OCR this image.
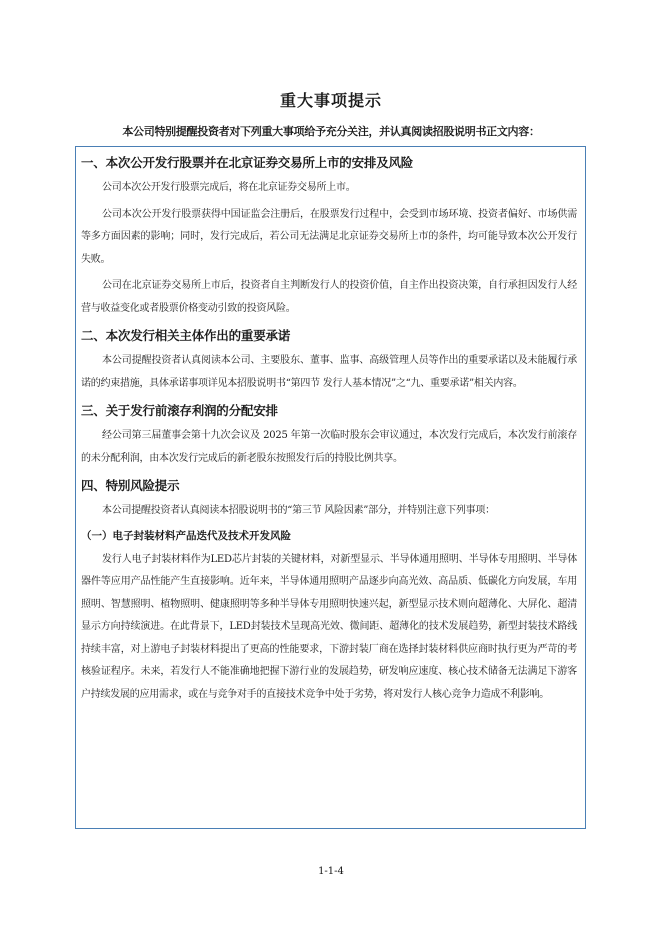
重大事项提示
本公司特别提醒投资者对下列重大事项给予充分关注，并认真阅读招股说明书正文内容：
一、本次公开发行股票并在北京证券交易所上市的安排及风险

公司本次公开发行股票完成后，将在北京证券交易所上市。

公司本次公开发行股票获得中国证监会注册后，在股票发行过程中，会受到市场环境、投资者偏好、市场供需等多方面因素的影响；同时，发行完成后，若公司无法满足北京证券交易所上市的条件，均可能导致本次公开发行失败。

公司在北京证券交易所上市后，投资者自主判断发行人的投资价值，自主作出投资决策，自行承担因发行人经营与收益变化或者股票价格变动引致的投资风险。

二、本次发行相关主体作出的重要承诺

本公司提醒投资者认真阅读本公司、主要股东、董事、监事、高级管理人员等作出的重要承诺以及未能履行承诺的约束措施，具体承诺事项详见本招股说明书“第四节 发行人基本情况”之“九、重要承诺”相关内容。

三、关于发行前滚存利润的分配安排

经公司第三届董事会第十九次会议及 2025 年第一次临时股东会审议通过，本次发行完成后，本次发行前滚存的未分配利润，由本次发行完成后的新老股东按照发行后的持股比例共享。

四、特别风险提示

本公司提醒投资者认真阅读本招股说明书的“第三节 风险因素”部分，并特别注意下列事项：

（一）电子封装材料产品迭代及技术开发风险

发行人电子封装材料作为LED芯片封装的关键材料，对新型显示、半导体通用照明、半导体专用照明、半导体器件等应用产品性能产生直接影响。近年来，半导体通用照明产品逐步向高光效、高品质、低碳化方向发展，车用照明、智慧照明、植物照明、健康照明等多种半导体专用照明快速兴起，新型显示技术则向超薄化、大屏化、超清显示方向持续演进。在此背景下，LED封装技术呈现高光效、微间距、超薄化的技术发展趋势，新型封装技术路线持续丰富，对上游电子封装材料提出了更高的性能要求，下游封装厂商在选择封装材料供应商时执行更为严苛的考核验证程序。未来，若发行人不能准确地把握下游行业的发展趋势，研发响应速度、核心技术储备无法满足下游客户持续发展的应用需求，或在与竞争对手的直接技术竞争中处于劣势，将对发行人核心竞争力造成不利影响。

1-1-4
